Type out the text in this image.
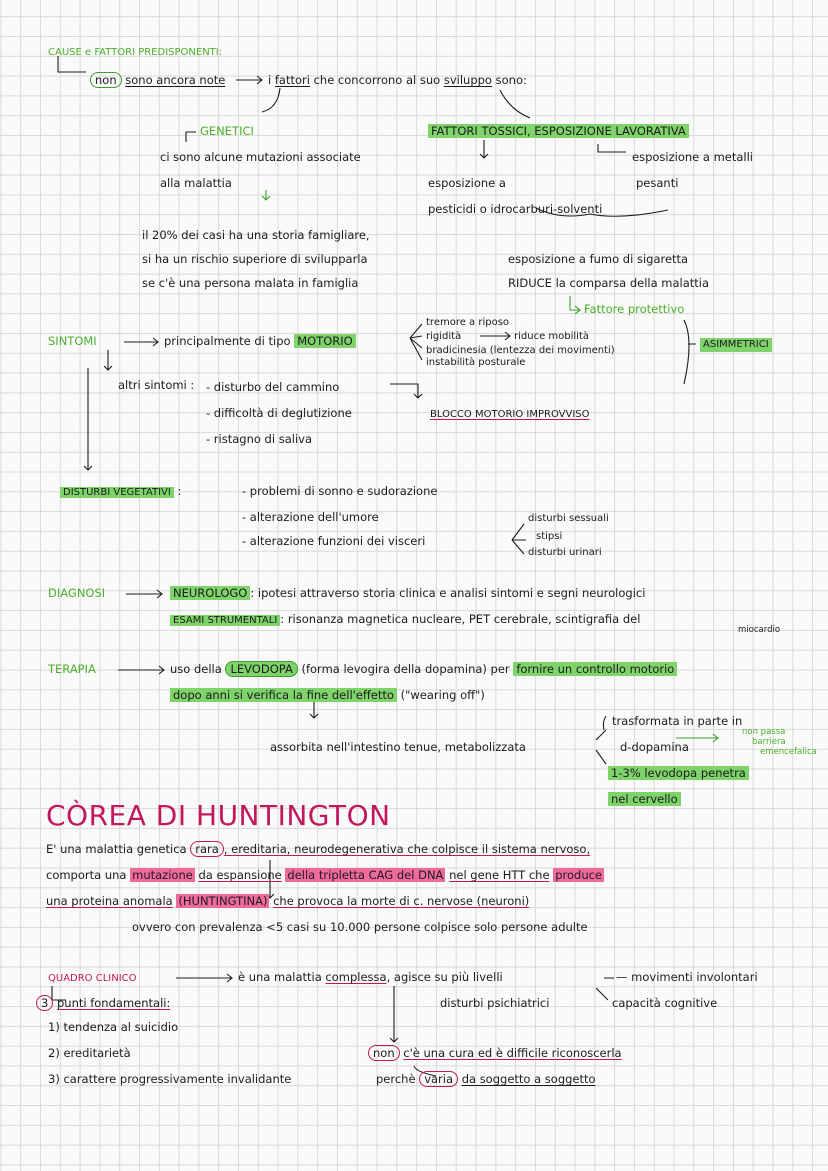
CAUSE e FATTORI PREDISPONENTI:
non sono ancora note	i fattori che concorrono al suo sviluppo sono:
GENETICI
ci sono alcune mutazioni associate
alla malattia
il 20% dei casi ha una storia famigliare,
si ha un rischio superiore di svilupparla
se c'è una persona malata in famiglia
FATTORI TOSSICI, ESPOSIZIONE LAVORATIVA
esposizione a metalli
pesanti
esposizione a
pesticidi o idrocarburi-solventi
esposizione a fumo di sigaretta
RIDUCE la comparsa della malattia
Fattore protettivo
SINTOMI	principalmente di tipo MOTORIO
tremore a riposo
rigidità	riduce mobilità
bradicinesia (lentezza dei movimenti)
instabilità posturale
ASIMMETRICI
altri sintomi : - disturbo del cammino
- difficoltà di deglutizione
- ristagno di saliva
BLOCCO MOTORIO IMPROVVISO
DISTURBI VEGETATIVI :	- problemi di sonno e sudorazione
- alterazione dell'umore
- alterazione funzioni dei visceri
disturbi sessuali
stipsi
disturbi urinari
DIAGNOSI	NEUROLOGO : ipotesi attraverso storia clinica e analisi sintomi e segni neurologici
ESAMI STRUMENTALI : risonanza magnetica nucleare, PET cerebrale, scintigrafia del
miocardio
TERAPIA	uso della LEVODOPA (forma levogira della dopamina) per fornire un controllo motorio
dopo anni si verifica la fine dell'effetto ("wearing off")
assorbita nell'intestino tenue, metabolizzata
trasformata in parte in
d-dopamina
non passa
barriera
emencefalica
1-3% levodopa penetra
nel cervello
CÒREA DI HUNTINGTON
E' una malattia genetica rara , ereditaria, neurodegenerativa che colpisce il sistema nervoso,
comporta una mutazione da espansione della tripletta CAG del DNA nel gene HTT che produce
una proteina anomala (HUNTINGTINA) che provoca la morte di c. nervose (neuroni)
ovvero con prevalenza <5 casi su 10.000 persone colpisce solo persone adulte
QUADRO CLINICO	è una malattia complessa, agisce su più livelli	— movimenti involontari
disturbi psichiatrici	capacità cognitive
3 punti fondamentali:
1) tendenza al suicidio
2) ereditarietà
3) carattere progressivamente invalidante
non c'è una cura ed è difficile riconoscerla
perchè varia da soggetto a soggetto
